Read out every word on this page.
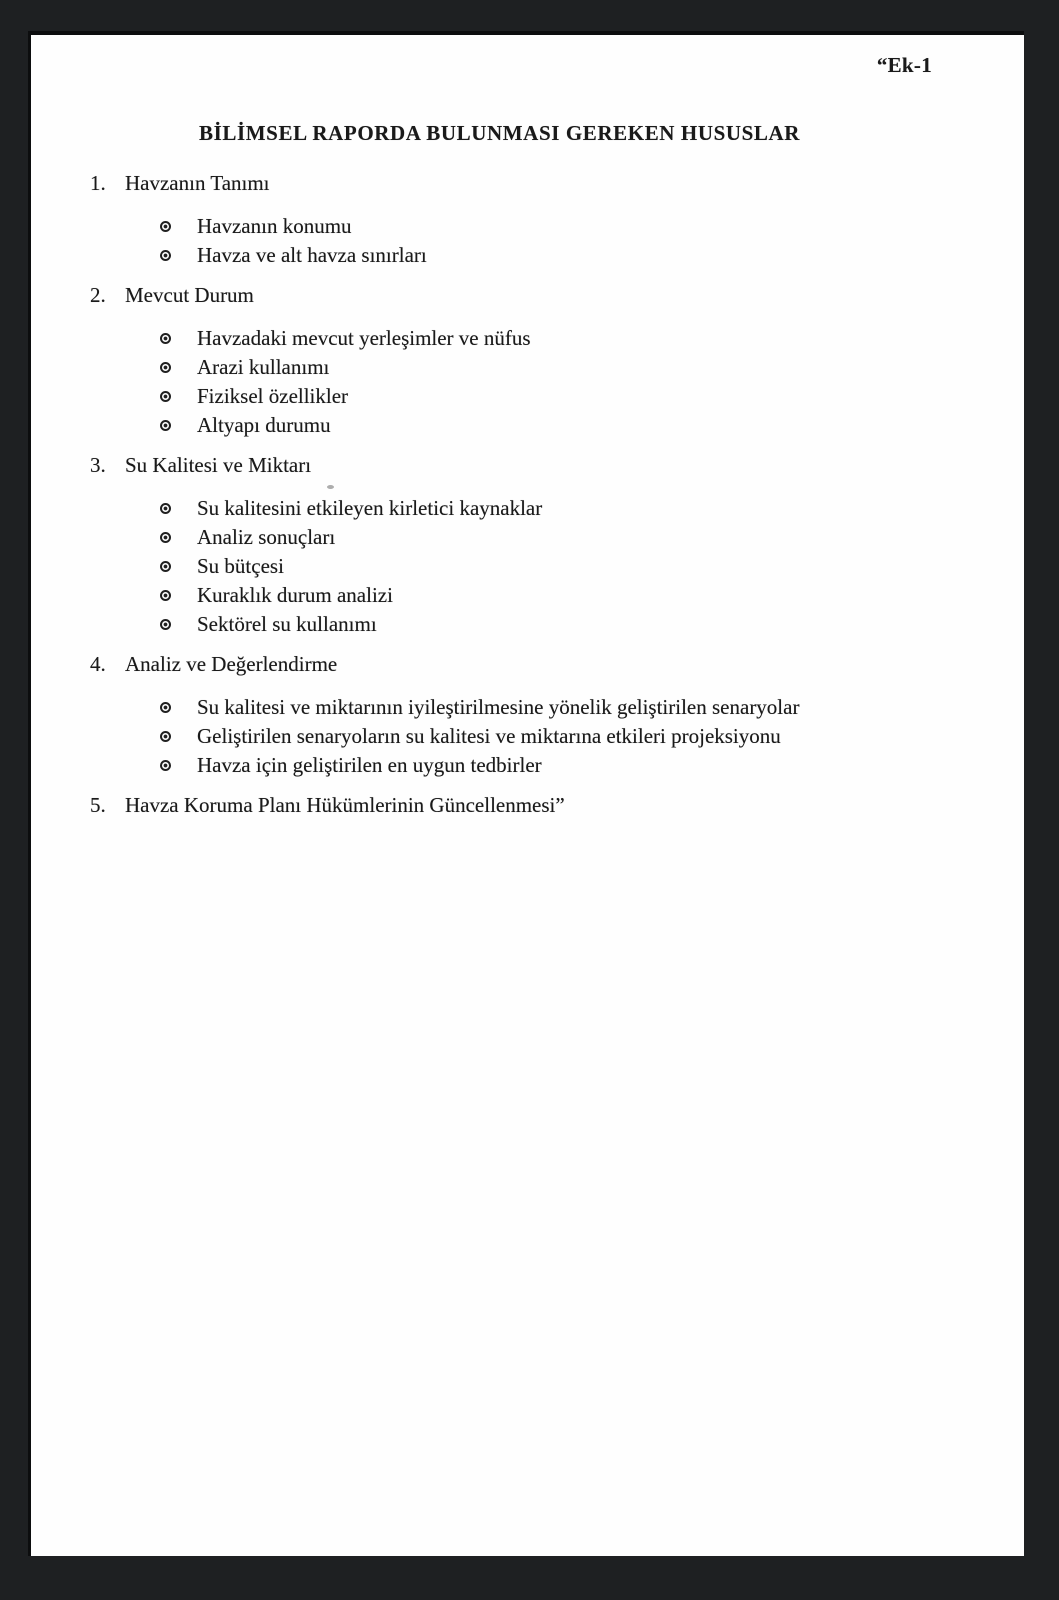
“Ek-1
BİLİMSEL RAPORDA BULUNMASI GEREKEN HUSUSLAR
1. Havzanın Tanımı
Havzanın konumu
Havza ve alt havza sınırları
2. Mevcut Durum
Havzadaki mevcut yerleşimler ve nüfus
Arazi kullanımı
Fiziksel özellikler
Altyapı durumu
3. Su Kalitesi ve Miktarı
Su kalitesini etkileyen kirletici kaynaklar
Analiz sonuçları
Su bütçesi
Kuraklık durum analizi
Sektörel su kullanımı
4. Analiz ve Değerlendirme
Su kalitesi ve miktarının iyileştirilmesine yönelik geliştirilen senaryolar
Geliştirilen senaryoların su kalitesi ve miktarına etkileri projeksiyonu
Havza için geliştirilen en uygun tedbirler
5. Havza Koruma Planı Hükümlerinin Güncellenmesi”
